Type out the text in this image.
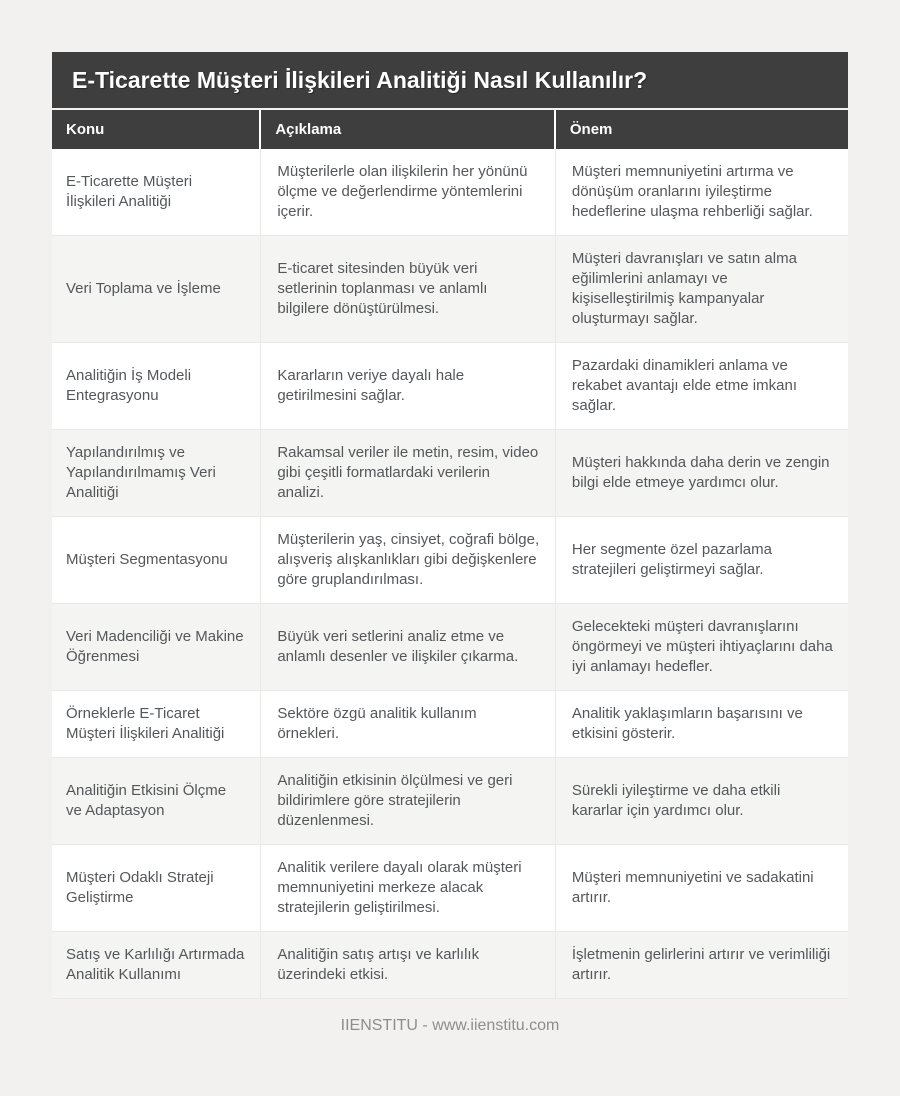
E-Ticarette Müşteri İlişkileri Analitiği Nasıl Kullanılır?
Konu	Açıklama	Önem
E-Ticarette Müşteri İlişkileri Analitiği	Müşterilerle olan ilişkilerin her yönünü ölçme ve değerlendirme yöntemlerini içerir.	Müşteri memnuniyetini artırma ve dönüşüm oranlarını iyileştirme hedeflerine ulaşma rehberliği sağlar.
Veri Toplama ve İşleme	E-ticaret sitesinden büyük veri setlerinin toplanması ve anlamlı bilgilere dönüştürülmesi.	Müşteri davranışları ve satın alma eğilimlerini anlamayı ve kişiselleştirilmiş kampanyalar oluşturmayı sağlar.
Analitiğin İş Modeli Entegrasyonu	Kararların veriye dayalı hale getirilmesini sağlar.	Pazardaki dinamikleri anlama ve rekabet avantajı elde etme imkanı sağlar.
Yapılandırılmış ve Yapılandırılmamış Veri Analitiği	Rakamsal veriler ile metin, resim, video gibi çeşitli formatlardaki verilerin analizi.	Müşteri hakkında daha derin ve zengin bilgi elde etmeye yardımcı olur.
Müşteri Segmentasyonu	Müşterilerin yaş, cinsiyet, coğrafi bölge, alışveriş alışkanlıkları gibi değişkenlere göre gruplandırılması.	Her segmente özel pazarlama stratejileri geliştirmeyi sağlar.
Veri Madenciliği ve Makine Öğrenmesi	Büyük veri setlerini analiz etme ve anlamlı desenler ve ilişkiler çıkarma.	Gelecekteki müşteri davranışlarını öngörmeyi ve müşteri ihtiyaçlarını daha iyi anlamayı hedefler.
Örneklerle E-Ticaret Müşteri İlişkileri Analitiği	Sektöre özgü analitik kullanım örnekleri.	Analitik yaklaşımların başarısını ve etkisini gösterir.
Analitiğin Etkisini Ölçme ve Adaptasyon	Analitiğin etkisinin ölçülmesi ve geri bildirimlere göre stratejilerin düzenlenmesi.	Sürekli iyileştirme ve daha etkili kararlar için yardımcı olur.
Müşteri Odaklı Strateji Geliştirme	Analitik verilere dayalı olarak müşteri memnuniyetini merkeze alacak stratejilerin geliştirilmesi.	Müşteri memnuniyetini ve sadakatini artırır.
Satış ve Karlılığı Artırmada Analitik Kullanımı	Analitiğin satış artışı ve karlılık üzerindeki etkisi.	İşletmenin gelirlerini artırır ve verimliliği artırır.
IIENSTITU - www.iienstitu.com
